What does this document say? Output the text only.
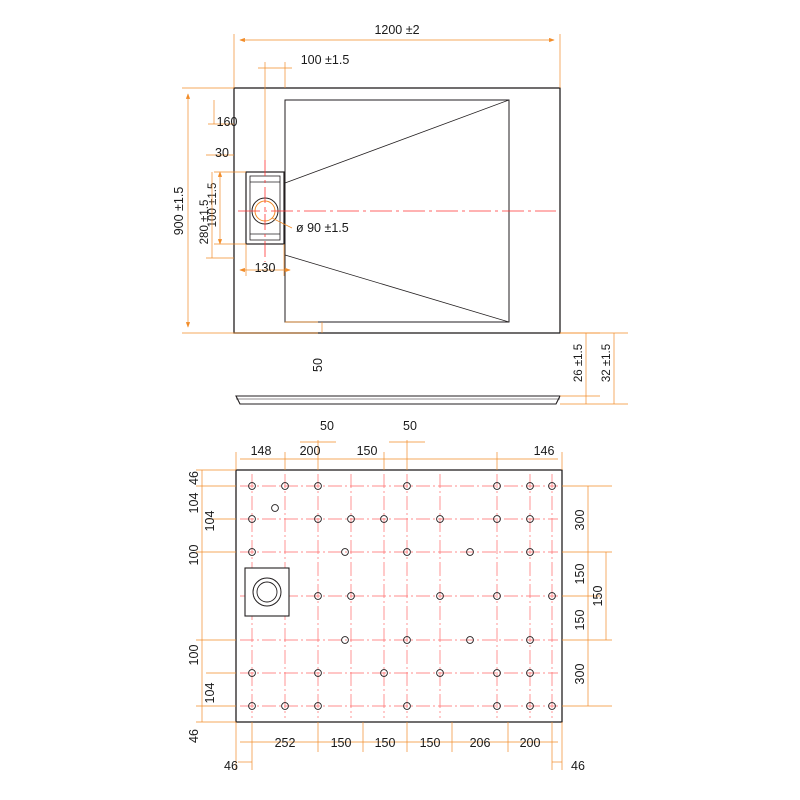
1200 ±2
100 ±1.5
900 ±1.5
160
30
100 ±1.5
280 ±1.5
130
ø 90 ±1.5
50	26 ±1.5 32 ±1.5
50	50
148 200	150	146
46
104
104
100
100
104
46
300
150
150
150
300
252	150 150 150 206 200
46	46
